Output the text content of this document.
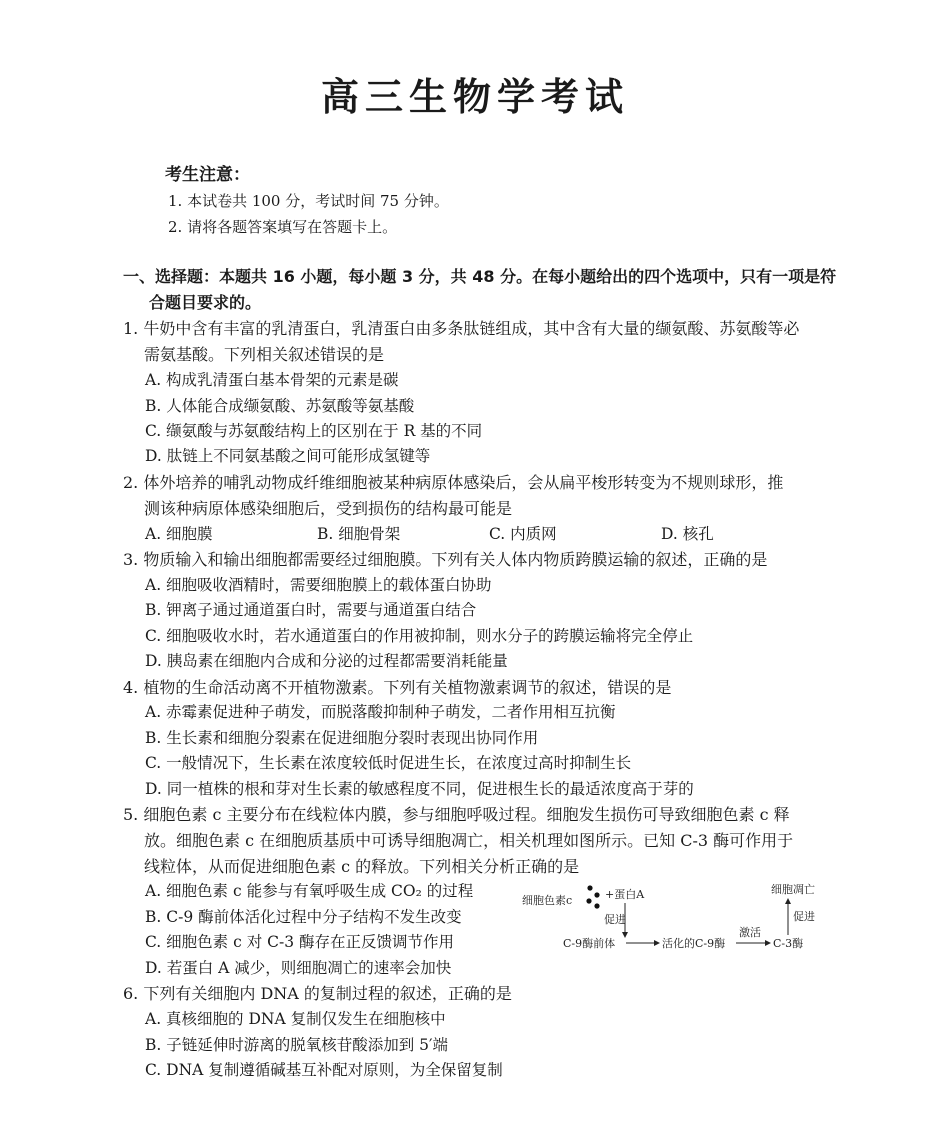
高三生物学考试
考生注意：
1. 本试卷共 100 分，考试时间 75 分钟。
2. 请将各题答案填写在答题卡上。
一、选择题：本题共 16 小题，每小题 3 分，共 48 分。在每小题给出的四个选项中，只有一项是符
合题目要求的。
1. 牛奶中含有丰富的乳清蛋白，乳清蛋白由多条肽链组成，其中含有大量的缬氨酸、苏氨酸等必
需氨基酸。下列相关叙述错误的是
A. 构成乳清蛋白基本骨架的元素是碳
B. 人体能合成缬氨酸、苏氨酸等氨基酸
C. 缬氨酸与苏氨酸结构上的区别在于 R 基的不同
D. 肽链上不同氨基酸之间可能形成氢键等
2. 体外培养的哺乳动物成纤维细胞被某种病原体感染后，会从扁平梭形转变为不规则球形，推
测该种病原体感染细胞后，受到损伤的结构最可能是
A. 细胞膜	B. 细胞骨架	C. 内质网	D. 核孔
3. 物质输入和输出细胞都需要经过细胞膜。下列有关人体内物质跨膜运输的叙述，正确的是
A. 细胞吸收酒精时，需要细胞膜上的载体蛋白协助
B. 钾离子通过通道蛋白时，需要与通道蛋白结合
C. 细胞吸收水时，若水通道蛋白的作用被抑制，则水分子的跨膜运输将完全停止
D. 胰岛素在细胞内合成和分泌的过程都需要消耗能量
4. 植物的生命活动离不开植物激素。下列有关植物激素调节的叙述，错误的是
A. 赤霉素促进种子萌发，而脱落酸抑制种子萌发，二者作用相互抗衡
B. 生长素和细胞分裂素在促进细胞分裂时表现出协同作用
C. 一般情况下，生长素在浓度较低时促进生长，在浓度过高时抑制生长
D. 同一植株的根和芽对生长素的敏感程度不同，促进根生长的最适浓度高于芽的
5. 细胞色素 c 主要分布在线粒体内膜，参与细胞呼吸过程。细胞发生损伤可导致细胞色素 c 释
放。细胞色素 c 在细胞质基质中可诱导细胞凋亡，相关机理如图所示。已知 C-3 酶可作用于
线粒体，从而促进细胞色素 c 的释放。下列相关分析正确的是
A. 细胞色素 c 能参与有氧呼吸生成 CO₂ 的过程
B. C-9 酶前体活化过程中分子结构不发生改变
C. 细胞色素 c 对 C-3 酶存在正反馈调节作用
D. 若蛋白 A 减少，则细胞凋亡的速率会加快
细胞色素c	+蛋白A
促进
C-9酶前体	活化的C-9酶
激活
C-3酶
促进
细胞凋亡
6. 下列有关细胞内 DNA 的复制过程的叙述，正确的是
A. 真核细胞的 DNA 复制仅发生在细胞核中
B. 子链延伸时游离的脱氧核苷酸添加到 5′端
C. DNA 复制遵循碱基互补配对原则，为全保留复制
